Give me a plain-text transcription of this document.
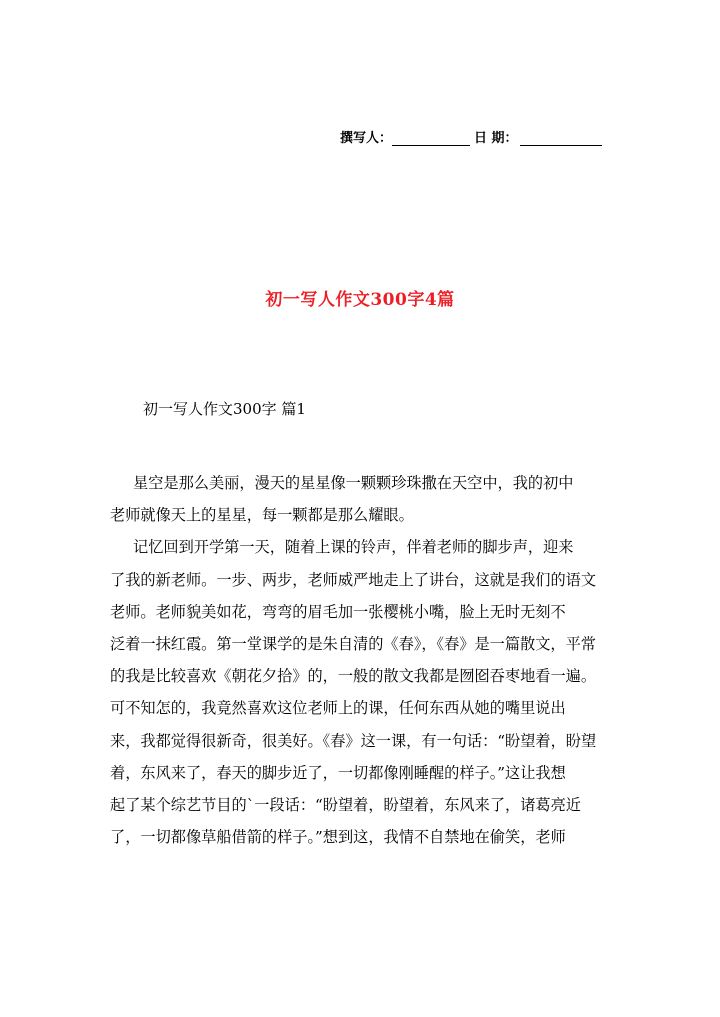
撰写人：	日 期：
初一写人作文300字4篇
初一写人作文300字 篇1
星空是那么美丽，漫天的星星像一颗颗珍珠撒在天空中，我的初中
老师就像天上的星星，每一颗都是那么耀眼。
记忆回到开学第一天，随着上课的铃声，伴着老师的脚步声，迎来
了我的新老师。一步、两步，老师威严地走上了讲台，这就是我们的语文
老师。老师貌美如花，弯弯的眉毛加一张樱桃小嘴，脸上无时无刻不
泛着一抹红霞。第一堂课学的是朱自清的《春》，《春》是一篇散文，平常
的我是比较喜欢《朝花夕拾》的，一般的散文我都是囫囵吞枣地看一遍。
可不知怎的，我竟然喜欢这位老师上的课，任何东西从她的嘴里说出
来，我都觉得很新奇，很美好。《春》这一课，有一句话：“盼望着，盼望
着，东风来了，春天的脚步近了，一切都像刚睡醒的样子。”这让我想
起了某个综艺节目的`一段话：“盼望着，盼望着，东风来了，诸葛亮近
了，一切都像草船借箭的样子。”想到这，我情不自禁地在偷笑，老师
